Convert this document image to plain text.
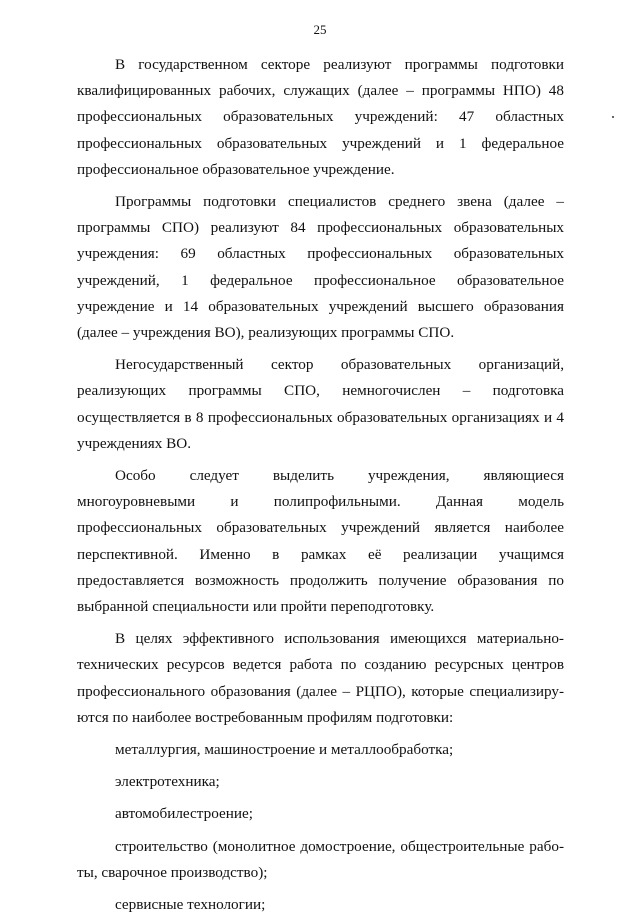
25

В государственном секторе реализуют программы подготовки квалифицированных рабочих, служащих (далее – программы НПО) 48 профессиональных образовательных учреждений: 47 областных профессиональных образовательных учреждений и 1 федеральное профессиональное образовательное учреждение.

Программы подготовки специалистов среднего звена (далее – программы СПО) реализуют 84 профессиональных образовательных учреждения: 69 областных профессиональных образовательных учреждений, 1 федеральное профессиональное образовательное учреждение и 14 образовательных учреждений высшего образования (далее – учреждения ВО), реализующих программы СПО.

Негосударственный сектор образовательных организаций, реализующих программы СПО, немногочислен – подготовка осуществляется в 8 профессиональных образовательных организациях и 4 учреждениях ВО.

Особо следует выделить учреждения, являющиеся многоуровневыми и полипрофильными. Данная модель профессиональных образовательных учреждений является наиболее перспективной. Именно в рамках её реализации учащимся предоставляется возможность продолжить получение образования по выбранной специальности или пройти переподготовку.

В целях эффективного использования имеющихся материально-технических ресурсов ведется работа по созданию ресурсных центров профессионального образования (далее – РЦПО), которые специализируются по наиболее востребованным профилям подготовки:

металлургия, машиностроение и металлообработка;

электротехника;

автомобилестроение;

строительство (монолитное домостроение, общестроительные работы, сварочное производство);

сервисные технологии;
